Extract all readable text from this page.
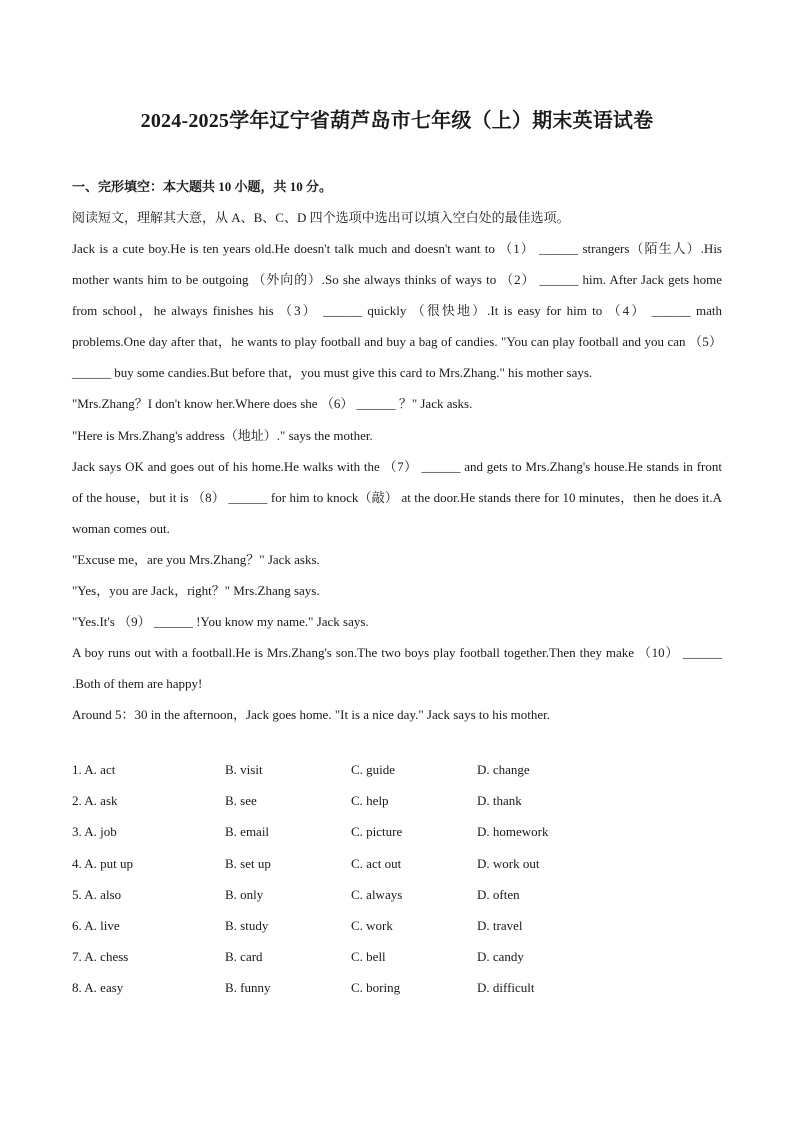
2024-2025学年辽宁省葫芦岛市七年级（上）期末英语试卷
一、完形填空：本大题共 10 小题，共 10 分。
阅读短文，理解其大意，从 A、B、C、D 四个选项中选出可以填入空白处的最佳选项。

Jack is a cute boy.He is ten years old.He doesn't talk much and doesn't want to （1） ______ strangers（陌生人）.His mother wants him to be outgoing （外向的）.So she always thinks of ways to （2） ______ him. After Jack gets home from school，he always finishes his （3） ______ quickly （很快地）.It is easy for him to （4） ______ math problems.One day after that，he wants to play football and buy a bag of candies. "You can play football and you can （5） ______ buy some candies.But before that，you must give this card to Mrs.Zhang." his mother says.

"Mrs.Zhang？I don't know her.Where does she （6） ______ ？" Jack asks.

"Here is Mrs.Zhang's address（地址）." says the mother.

Jack says OK and goes out of his home.He walks with the （7） ______ and gets to Mrs.Zhang's house.He stands in front of the house，but it is （8） ______ for him to knock（敲） at the door.He stands there for 10 minutes，then he does it.A woman comes out.

"Excuse me，are you Mrs.Zhang？" Jack asks.

"Yes，you are Jack，right？" Mrs.Zhang says.

"Yes.It's （9） ______ !You know my name." Jack says.

A boy runs out with a football.He is Mrs.Zhang's son.The two boys play football together.Then they make （10） ______ .Both of them are happy!

Around 5：30 in the afternoon，Jack goes home. "It is a nice day." Jack says to his mother.

1. A. act	B. visit	C. guide	D. change
2. A. ask	B. see	C. help	D. thank
3. A. job	B. email	C. picture	D. homework
4. A. put up	B. set up	C. act out	D. work out
5. A. also	B. only	C. always	D. often
6. A. live	B. study	C. work	D. travel
7. A. chess	B. card	C. bell	D. candy
8. A. easy	B. funny	C. boring	D. difficult
